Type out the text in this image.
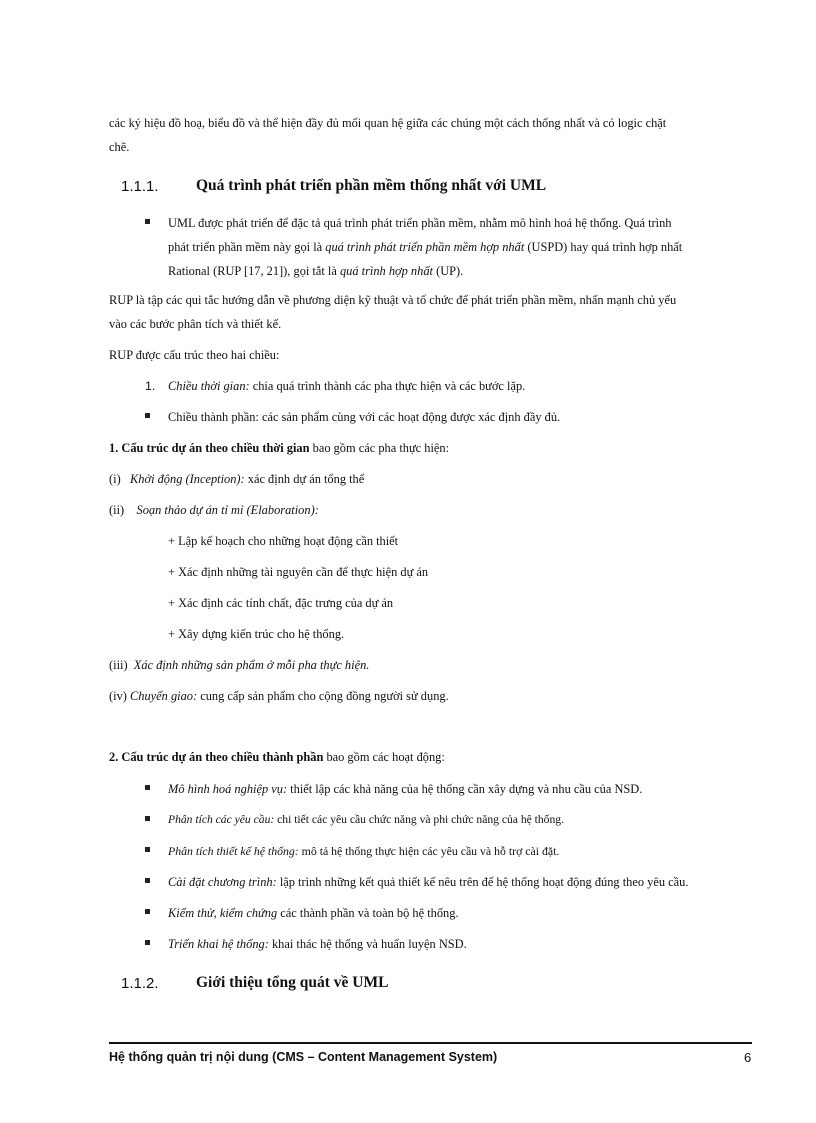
các ký hiệu đồ hoạ, biểu đồ và thể hiện đầy đủ mối quan hệ giữa các chúng một cách thống nhất và có logic chặt
chẽ.
1.1.1. Quá trình phát triển phần mềm thống nhất với UML
UML được phát triển để đặc tả quá trình phát triển phần mềm, nhằm mô hình hoá hệ thống. Quá trình
phát triển phần mềm này gọi là quá trình phát triển phần mềm hợp nhất (USPD) hay quá trình hợp nhất
Rational (RUP [17, 21]), gọi tắt là quá trình hợp nhất (UP).
RUP là tập các qui tắc hướng dẫn về phương diện kỹ thuật và tổ chức để phát triển phần mềm, nhấn mạnh chủ yếu
vào các bước phân tích và thiết kế.
RUP được cấu trúc theo hai chiều:
1. Chiều thời gian: chia quá trình thành các pha thực hiện và các bước lặp.
Chiều thành phần: các sản phẩm cùng với các hoạt động được xác định đầy đủ.
1. Cấu trúc dự án theo chiều thời gian bao gồm các pha thực hiện:
(i) Khởi động (Inception): xác định dự án tổng thể
(ii) Soạn thảo dự án tỉ mỉ (Elaboration):
+ Lập kế hoạch cho những hoạt động cần thiết
+ Xác định những tài nguyên cần để thực hiện dự án
+ Xác định các tính chất, đặc trưng của dự án
+ Xây dựng kiến trúc cho hệ thống.
(iii) Xác định những sản phẩm ở mỗi pha thực hiện.
(iv) Chuyển giao: cung cấp sản phẩm cho cộng đồng người sử dụng.
2. Cấu trúc dự án theo chiều thành phần bao gồm các hoạt động:
Mô hình hoá nghiệp vụ: thiết lập các khả năng của hệ thống cần xây dựng và nhu cầu của NSD.
Phân tích các yêu cầu: chi tiết các yêu cầu chức năng và phi chức năng của hệ thống.
Phân tích thiết kế hệ thống: mô tả hệ thống thực hiện các yêu cầu và hỗ trợ cài đặt.
Cài đặt chương trình: lập trình những kết quả thiết kế nêu trên để hệ thống hoạt động đúng theo yêu cầu.
Kiểm thử, kiểm chứng các thành phần và toàn bộ hệ thống.
Triển khai hệ thống: khai thác hệ thống và huấn luyện NSD.
1.1.2. Giới thiệu tổng quát về UML
Hệ thống quản trị nội dung (CMS – Content Management System)	6
